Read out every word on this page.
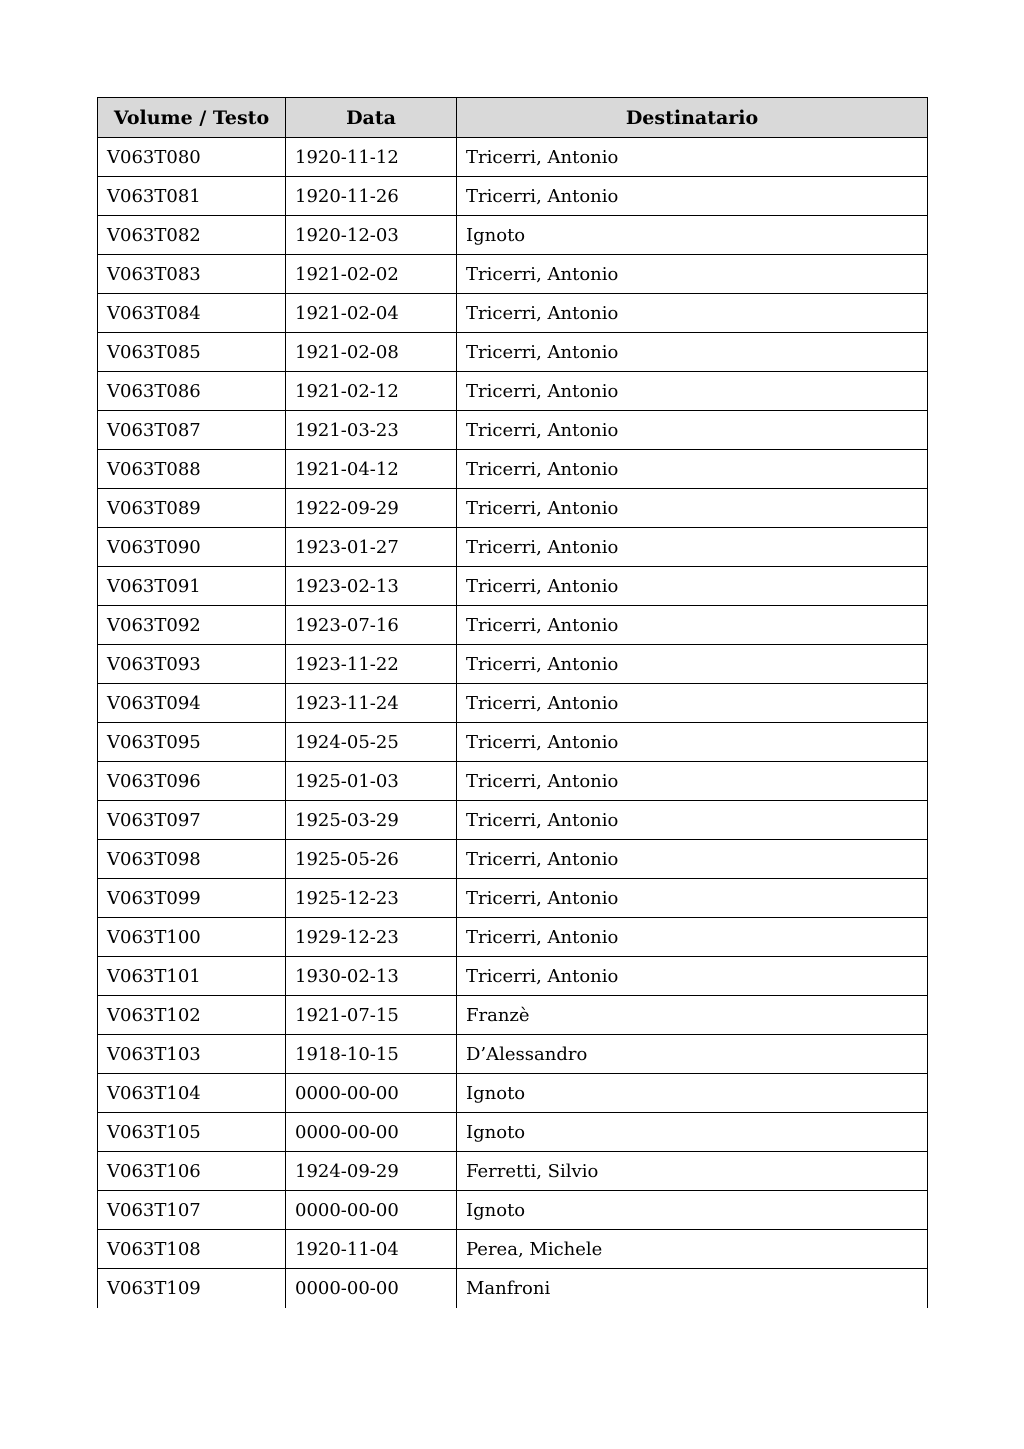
Volume / Testo	Data	Destinatario
V063T080	1920-11-12	Tricerri, Antonio
V063T081	1920-11-26	Tricerri, Antonio
V063T082	1920-12-03	Ignoto
V063T083	1921-02-02	Tricerri, Antonio
V063T084	1921-02-04	Tricerri, Antonio
V063T085	1921-02-08	Tricerri, Antonio
V063T086	1921-02-12	Tricerri, Antonio
V063T087	1921-03-23	Tricerri, Antonio
V063T088	1921-04-12	Tricerri, Antonio
V063T089	1922-09-29	Tricerri, Antonio
V063T090	1923-01-27	Tricerri, Antonio
V063T091	1923-02-13	Tricerri, Antonio
V063T092	1923-07-16	Tricerri, Antonio
V063T093	1923-11-22	Tricerri, Antonio
V063T094	1923-11-24	Tricerri, Antonio
V063T095	1924-05-25	Tricerri, Antonio
V063T096	1925-01-03	Tricerri, Antonio
V063T097	1925-03-29	Tricerri, Antonio
V063T098	1925-05-26	Tricerri, Antonio
V063T099	1925-12-23	Tricerri, Antonio
V063T100	1929-12-23	Tricerri, Antonio
V063T101	1930-02-13	Tricerri, Antonio
V063T102	1921-07-15	Franzè
V063T103	1918-10-15	D’Alessandro
V063T104	0000-00-00	Ignoto
V063T105	0000-00-00	Ignoto
V063T106	1924-09-29	Ferretti, Silvio
V063T107	0000-00-00	Ignoto
V063T108	1920-11-04	Perea, Michele
V063T109	0000-00-00	Manfroni
